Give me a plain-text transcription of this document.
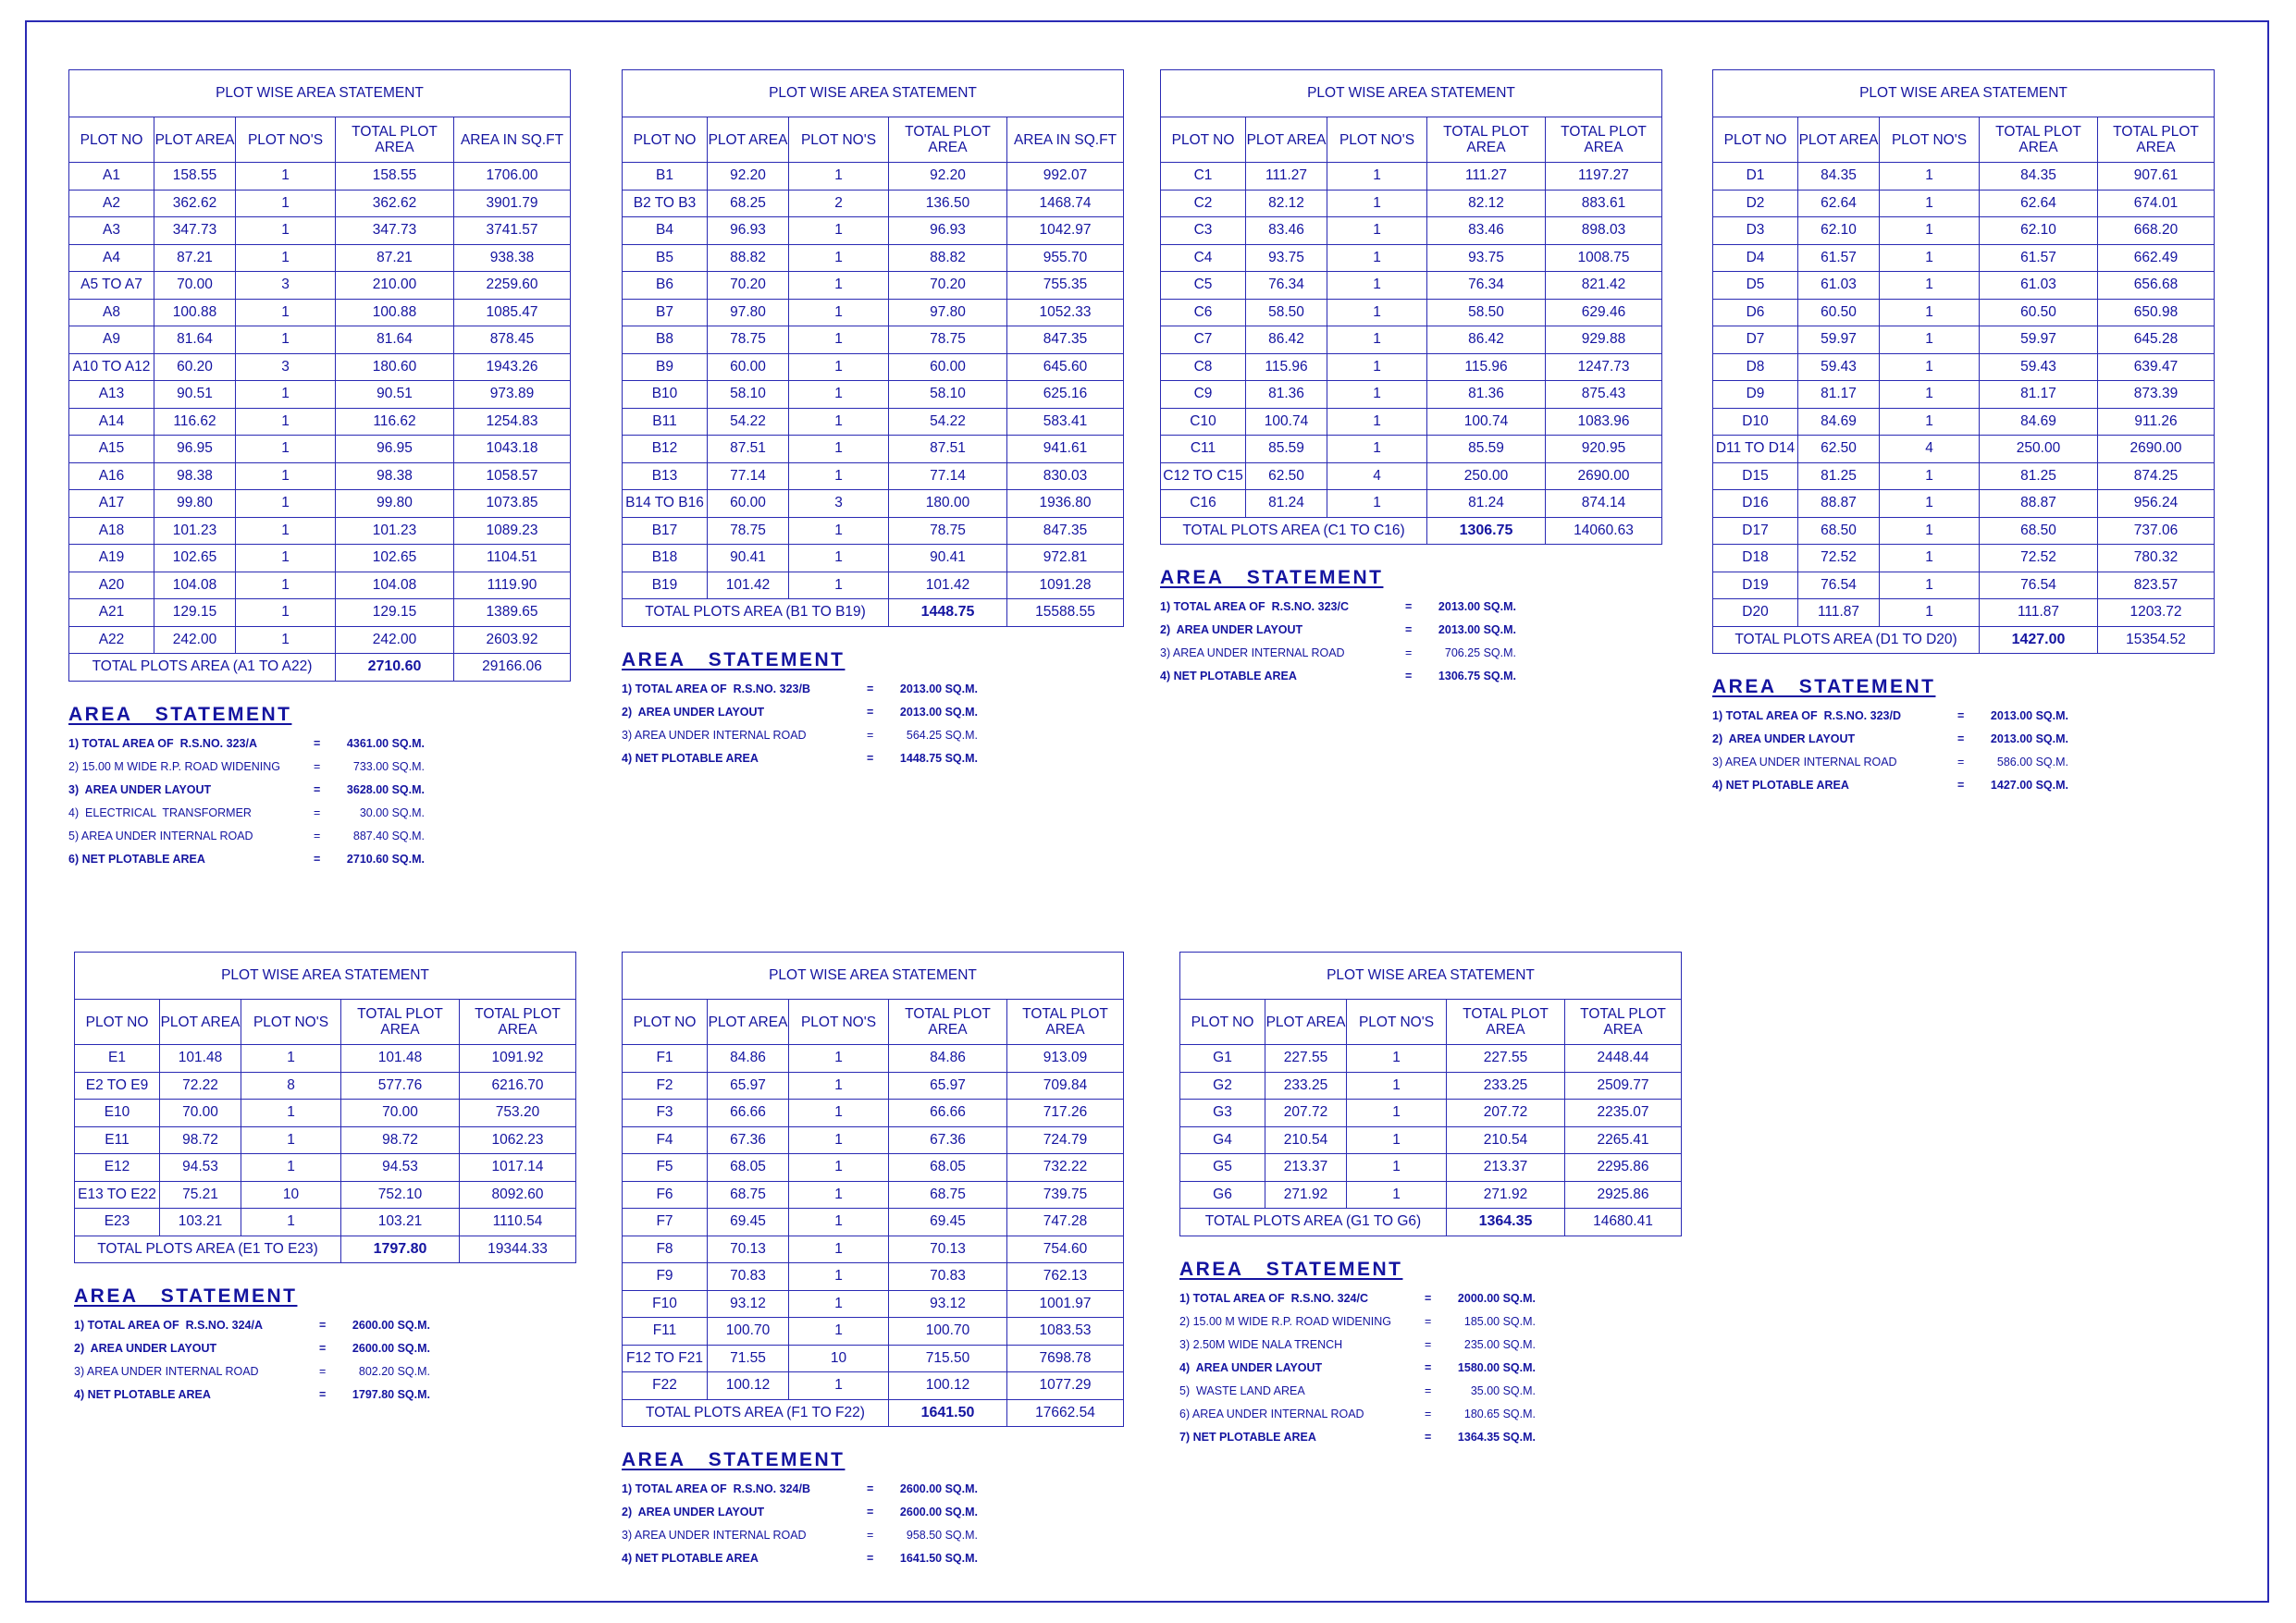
PLOT WISE AREA STATEMENT				
PLOT NO	PLOT AREA	PLOT NO'S	TOTAL PLOT AREA	AREA IN SQ.FT
A1	158.55	1	158.55	1706.00
A2	362.62	1	362.62	3901.79
A3	347.73	1	347.73	3741.57
A4	87.21	1	87.21	938.38
A5 TO A7	70.00	3	210.00	2259.60
A8	100.88	1	100.88	1085.47
A9	81.64	1	81.64	878.45
A10 TO A12	60.20	3	180.60	1943.26
A13	90.51	1	90.51	973.89
A14	116.62	1	116.62	1254.83
A15	96.95	1	96.95	1043.18
A16	98.38	1	98.38	1058.57
A17	99.80	1	99.80	1073.85
A18	101.23	1	101.23	1089.23
A19	102.65	1	102.65	1104.51
A20	104.08	1	104.08	1119.90
A21	129.15	1	129.15	1389.65
A22	242.00	1	242.00	2603.92
TOTAL PLOTS AREA (A1 TO A22)			2710.60	29166.06
AREA   STATEMENT
1) TOTAL AREA OF  R.S.NO. 323/A	= 4361.00 SQ.M.
2) 15.00 M WIDE R.P. ROAD WIDENING	=	733.00 SQ.M.
3)  AREA UNDER LAYOUT	= 3628.00 SQ.M.
4)  ELECTRICAL  TRANSFORMER	=	30.00 SQ.M.
5) AREA UNDER INTERNAL ROAD	=	887.40 SQ.M.
6) NET PLOTABLE AREA	= 2710.60 SQ.M.
PLOT WISE AREA STATEMENT				
PLOT NO	PLOT AREA	PLOT NO'S	TOTAL PLOT AREA	AREA IN SQ.FT
B1	92.20	1	92.20	992.07
B2 TO B3	68.25	2	136.50	1468.74
B4	96.93	1	96.93	1042.97
B5	88.82	1	88.82	955.70
B6	70.20	1	70.20	755.35
B7	97.80	1	97.80	1052.33
B8	78.75	1	78.75	847.35
B9	60.00	1	60.00	645.60
B10	58.10	1	58.10	625.16
B11	54.22	1	54.22	583.41
B12	87.51	1	87.51	941.61
B13	77.14	1	77.14	830.03
B14 TO B16	60.00	3	180.00	1936.80
B17	78.75	1	78.75	847.35
B18	90.41	1	90.41	972.81
B19	101.42	1	101.42	1091.28
TOTAL PLOTS AREA (B1 TO B19)			1448.75	15588.55
AREA   STATEMENT
1) TOTAL AREA OF  R.S.NO. 323/B	= 2013.00 SQ.M.
2)  AREA UNDER LAYOUT	= 2013.00 SQ.M.
3) AREA UNDER INTERNAL ROAD	=	564.25 SQ.M.
4) NET PLOTABLE AREA	= 1448.75 SQ.M.
PLOT WISE AREA STATEMENT				
PLOT NO	PLOT AREA	PLOT NO'S	TOTAL PLOT AREA	TOTAL PLOT AREA
C1	111.27	1	111.27	1197.27
C2	82.12	1	82.12	883.61
C3	83.46	1	83.46	898.03
C4	93.75	1	93.75	1008.75
C5	76.34	1	76.34	821.42
C6	58.50	1	58.50	629.46
C7	86.42	1	86.42	929.88
C8	115.96	1	115.96	1247.73
C9	81.36	1	81.36	875.43
C10	100.74	1	100.74	1083.96
C11	85.59	1	85.59	920.95
C12 TO C15	62.50	4	250.00	2690.00
C16	81.24	1	81.24	874.14
TOTAL PLOTS AREA (C1 TO C16)			1306.75	14060.63
AREA   STATEMENT
1) TOTAL AREA OF  R.S.NO. 323/C	= 2013.00 SQ.M.
2)  AREA UNDER LAYOUT	= 2013.00 SQ.M.
3) AREA UNDER INTERNAL ROAD	=	706.25 SQ.M.
4) NET PLOTABLE AREA	= 1306.75 SQ.M.
PLOT WISE AREA STATEMENT				
PLOT NO	PLOT AREA	PLOT NO'S	TOTAL PLOT AREA	TOTAL PLOT AREA
D1	84.35	1	84.35	907.61
D2	62.64	1	62.64	674.01
D3	62.10	1	62.10	668.20
D4	61.57	1	61.57	662.49
D5	61.03	1	61.03	656.68
D6	60.50	1	60.50	650.98
D7	59.97	1	59.97	645.28
D8	59.43	1	59.43	639.47
D9	81.17	1	81.17	873.39
D10	84.69	1	84.69	911.26
D11 TO D14	62.50	4	250.00	2690.00
D15	81.25	1	81.25	874.25
D16	88.87	1	88.87	956.24
D17	68.50	1	68.50	737.06
D18	72.52	1	72.52	780.32
D19	76.54	1	76.54	823.57
D20	111.87	1	111.87	1203.72
TOTAL PLOTS AREA (D1 TO D20)			1427.00	15354.52
AREA   STATEMENT
1) TOTAL AREA OF  R.S.NO. 323/D	= 2013.00 SQ.M.
2)  AREA UNDER LAYOUT	= 2013.00 SQ.M.
3) AREA UNDER INTERNAL ROAD	=	586.00 SQ.M.
4) NET PLOTABLE AREA	= 1427.00 SQ.M.
PLOT WISE AREA STATEMENT				
PLOT NO	PLOT AREA	PLOT NO'S	TOTAL PLOT AREA	TOTAL PLOT AREA
E1	101.48	1	101.48	1091.92
E2 TO E9	72.22	8	577.76	6216.70
E10	70.00	1	70.00	753.20
E11	98.72	1	98.72	1062.23
E12	94.53	1	94.53	1017.14
E13 TO E22	75.21	10	752.10	8092.60
E23	103.21	1	103.21	1110.54
TOTAL PLOTS AREA (E1 TO E23)			1797.80	19344.33
AREA   STATEMENT
1) TOTAL AREA OF  R.S.NO. 324/A	= 2600.00 SQ.M.
2)  AREA UNDER LAYOUT	= 2600.00 SQ.M.
3) AREA UNDER INTERNAL ROAD	=	802.20 SQ.M.
4) NET PLOTABLE AREA	= 1797.80 SQ.M.
PLOT WISE AREA STATEMENT				
PLOT NO	PLOT AREA	PLOT NO'S	TOTAL PLOT AREA	TOTAL PLOT AREA
F1	84.86	1	84.86	913.09
F2	65.97	1	65.97	709.84
F3	66.66	1	66.66	717.26
F4	67.36	1	67.36	724.79
F5	68.05	1	68.05	732.22
F6	68.75	1	68.75	739.75
F7	69.45	1	69.45	747.28
F8	70.13	1	70.13	754.60
F9	70.83	1	70.83	762.13
F10	93.12	1	93.12	1001.97
F11	100.70	1	100.70	1083.53
F12 TO F21	71.55	10	715.50	7698.78
F22	100.12	1	100.12	1077.29
TOTAL PLOTS AREA (F1 TO F22)			1641.50	17662.54
AREA   STATEMENT
1) TOTAL AREA OF  R.S.NO. 324/B	= 2600.00 SQ.M.
2)  AREA UNDER LAYOUT	= 2600.00 SQ.M.
3) AREA UNDER INTERNAL ROAD	=	958.50 SQ.M.
4) NET PLOTABLE AREA	= 1641.50 SQ.M.
PLOT WISE AREA STATEMENT				
PLOT NO	PLOT AREA	PLOT NO'S	TOTAL PLOT AREA	TOTAL PLOT AREA
G1	227.55	1	227.55	2448.44
G2	233.25	1	233.25	2509.77
G3	207.72	1	207.72	2235.07
G4	210.54	1	210.54	2265.41
G5	213.37	1	213.37	2295.86
G6	271.92	1	271.92	2925.86
TOTAL PLOTS AREA (G1 TO G6)			1364.35	14680.41
AREA   STATEMENT
1) TOTAL AREA OF  R.S.NO. 324/C	= 2000.00 SQ.M.
2) 15.00 M WIDE R.P. ROAD WIDENING	=	185.00 SQ.M.
3) 2.50M WIDE NALA TRENCH	=	235.00 SQ.M.
4)  AREA UNDER LAYOUT	= 1580.00 SQ.M.
5)  WASTE LAND AREA	=	35.00 SQ.M.
6) AREA UNDER INTERNAL ROAD	=	180.65 SQ.M.
7) NET PLOTABLE AREA	= 1364.35 SQ.M.
